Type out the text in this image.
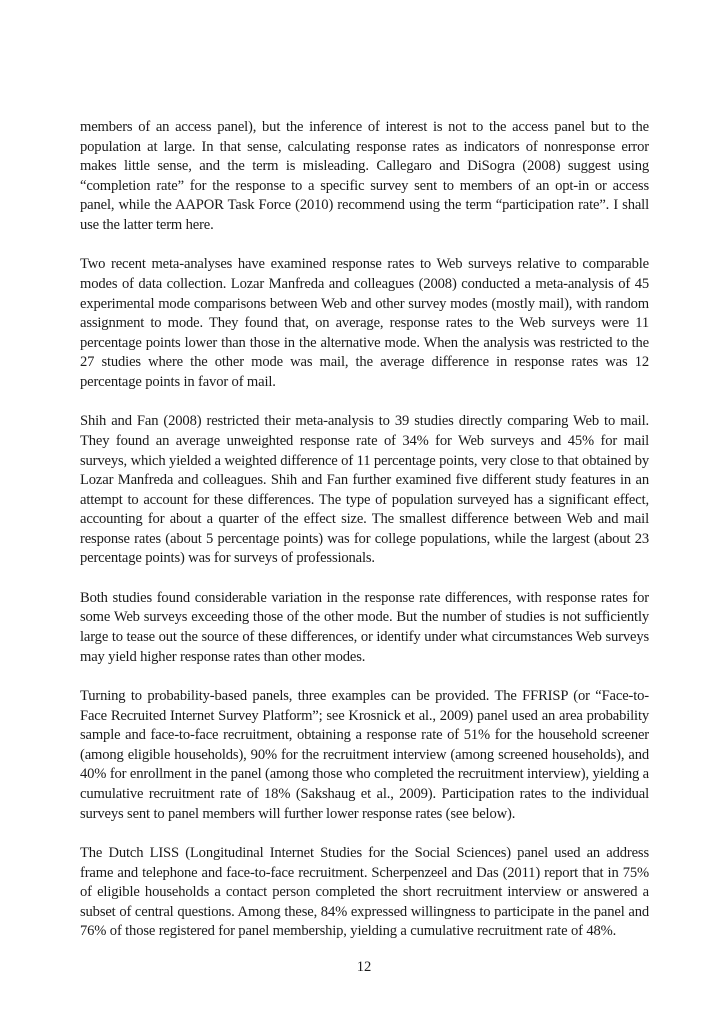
members of an access panel), but the inference of interest is not to the access panel but to the population at large. In that sense, calculating response rates as indicators of nonresponse error makes little sense, and the term is misleading. Callegaro and DiSogra (2008) suggest using “completion rate” for the response to a specific survey sent to members of an opt-in or access panel, while the AAPOR Task Force (2010) recommend using the term “participation rate”. I shall use the latter term here.

Two recent meta-analyses have examined response rates to Web surveys relative to comparable modes of data collection. Lozar Manfreda and colleagues (2008) conducted a meta-analysis of 45 experimental mode comparisons between Web and other survey modes (mostly mail), with random assignment to mode. They found that, on average, response rates to the Web surveys were 11 percentage points lower than those in the alternative mode. When the analysis was restricted to the 27 studies where the other mode was mail, the average difference in response rates was 12 percentage points in favor of mail.

Shih and Fan (2008) restricted their meta-analysis to 39 studies directly comparing Web to mail. They found an average unweighted response rate of 34% for Web surveys and 45% for mail surveys, which yielded a weighted difference of 11 percentage points, very close to that obtained by Lozar Manfreda and colleagues. Shih and Fan further examined five different study features in an attempt to account for these differences. The type of population surveyed has a significant effect, accounting for about a quarter of the effect size. The smallest difference between Web and mail response rates (about 5 percentage points) was for college populations, while the largest (about 23 percentage points) was for surveys of professionals.

Both studies found considerable variation in the response rate differences, with response rates for some Web surveys exceeding those of the other mode. But the number of studies is not sufficiently large to tease out the source of these differences, or identify under what circumstances Web surveys may yield higher response rates than other modes.

Turning to probability-based panels, three examples can be provided. The FFRISP (or “Face-to-Face Recruited Internet Survey Platform”; see Krosnick et al., 2009) panel used an area probability sample and face-to-face recruitment, obtaining a response rate of 51% for the household screener (among eligible households), 90% for the recruitment interview (among screened households), and 40% for enrollment in the panel (among those who completed the recruitment interview), yielding a cumulative recruitment rate of 18% (Sakshaug et al., 2009). Participation rates to the individual surveys sent to panel members will further lower response rates (see below).

The Dutch LISS (Longitudinal Internet Studies for the Social Sciences) panel used an address frame and telephone and face-to-face recruitment. Scherpenzeel and Das (2011) report that in 75% of eligible households a contact person completed the short recruitment interview or answered a subset of central questions. Among these, 84% expressed willingness to participate in the panel and 76% of those registered for panel membership, yielding a cumulative recruitment rate of 48%.

12
